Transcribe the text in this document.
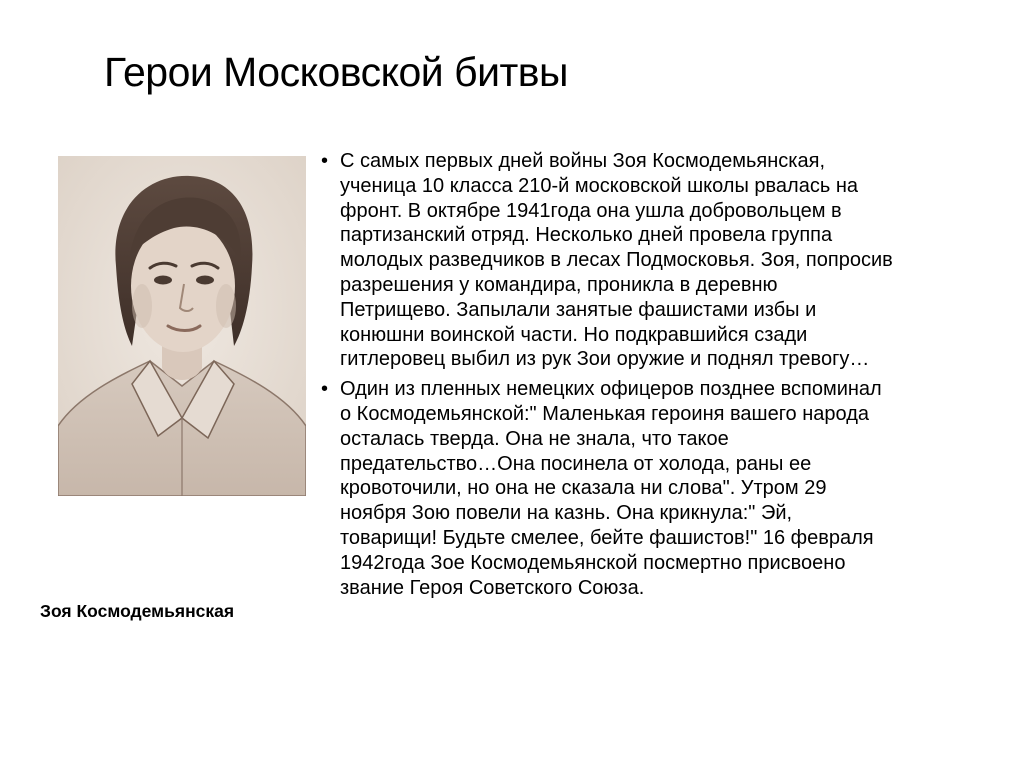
Герои Московской битвы
Зоя Космодемьянская
• С самых первых дней войны Зоя Космодемьянская,
ученица 10 класса 210-й московской школы рвалась на
фронт. В октябре 1941года она ушла добровольцем в
партизанский отряд. Несколько дней провела группа
молодых разведчиков в лесах Подмосковья. Зоя, попросив
разрешения у командира, проникла в деревню
Петрищево. Запылали занятые фашистами избы и
конюшни воинской части. Но подкравшийся сзади
гитлеровец выбил из рук Зои оружие и поднял тревогу…
• Один из пленных немецких офицеров позднее вспоминал
о Космодемьянской:" Маленькая героиня вашего народа
осталась тверда. Она не знала, что такое
предательство…Она посинела от холода, раны ее
кровоточили, но она не сказала ни слова". Утром 29
ноября Зою повели на казнь. Она крикнула:" Эй,
товарищи! Будьте смелее, бейте фашистов!" 16 февраля
1942года Зое Космодемьянской посмертно присвоено
звание Героя Советского Союза.
